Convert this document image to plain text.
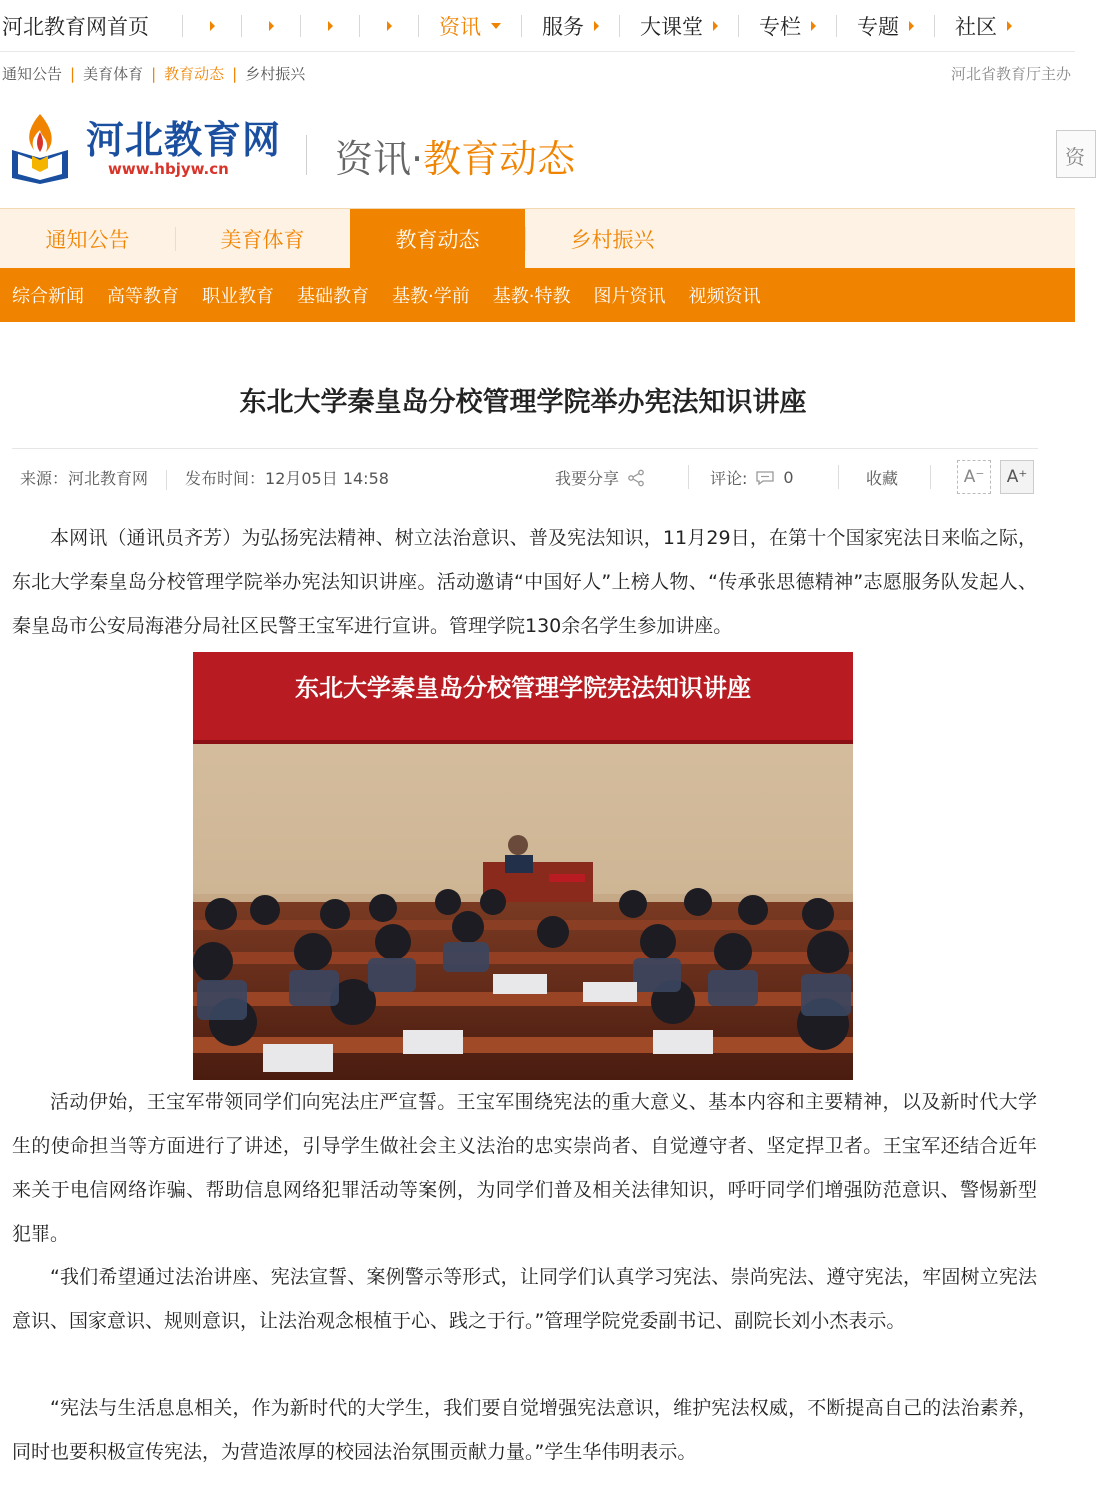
河北教育网首页	资讯	服务	大课堂	专栏	专题	社区
通知公告 | 美育体育 | 教育动态 | 乡村振兴	河北省教育厅主办
河北教育网
www.hbjyw.cn	资讯·教育动态	资
通知公告	美育体育	教育动态	乡村振兴
综合新闻 高等教育 职业教育 基础教育 基教·学前 基教·特教 图片资讯 视频资讯
东北大学秦皇岛分校管理学院举办宪法知识讲座
来源：河北教育网 发布时间：12月05日 14:58	我要分享	评论: 0	收藏	A⁻	A⁺

本网讯（通讯员齐芳）为弘扬宪法精神、树立法治意识、普及宪法知识，11月29日，在第十个国家宪法日来临之际，东北大学秦皇岛分校管理学院举办宪法知识讲座。活动邀请“中国好人”上榜人物、“传承张思德精神”志愿服务队发起人、秦皇岛市公安局海港分局社区民警王宝军进行宣讲。管理学院130余名学生参加讲座。

东北大学秦皇岛分校管理学院宪法知识讲座

活动伊始，王宝军带领同学们向宪法庄严宣誓。王宝军围绕宪法的重大意义、基本内容和主要精神，以及新时代大学生的使命担当等方面进行了讲述，引导学生做社会主义法治的忠实崇尚者、自觉遵守者、坚定捍卫者。王宝军还结合近年来关于电信网络诈骗、帮助信息网络犯罪活动等案例，为同学们普及相关法律知识，呼吁同学们增强防范意识、警惕新型犯罪。

“我们希望通过法治讲座、宪法宣誓、案例警示等形式，让同学们认真学习宪法、崇尚宪法、遵守宪法，牢固树立宪法意识、国家意识、规则意识，让法治观念根植于心、践之于行。”管理学院党委副书记、副院长刘小杰表示。

“宪法与生活息息相关，作为新时代的大学生，我们要自觉增强宪法意识，维护宪法权威，不断提高自己的法治素养，同时也要积极宣传宪法，为营造浓厚的校园法治氛围贡献力量。”学生华伟明表示。
